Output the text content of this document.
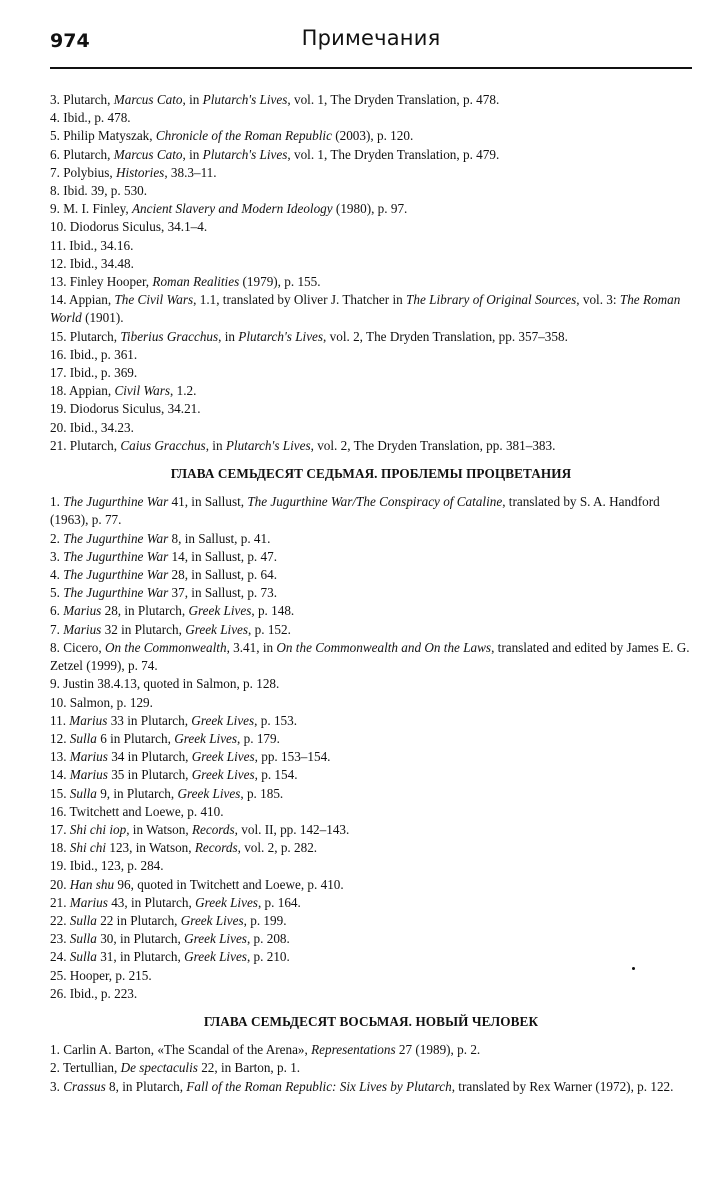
974	Примечания

3. Plutarch, Marcus Cato, in Plutarch's Lives, vol. 1, The Dryden Translation, p. 478.

4. Ibid., p. 478.

5. Philip Matyszak, Chronicle of the Roman Republic (2003), p. 120.

6. Plutarch, Marcus Cato, in Plutarch's Lives, vol. 1, The Dryden Translation, p. 479.

7. Polybius, Histories, 38.3–11.

8. Ibid. 39, p. 530.

9. M. I. Finley, Ancient Slavery and Modern Ideology (1980), p. 97.

10. Diodorus Siculus, 34.1–4.

11. Ibid., 34.16.

12. Ibid., 34.48.

13. Finley Hooper, Roman Realities (1979), p. 155.

14. Appian, The Civil Wars, 1.1, translated by Oliver J. Thatcher in The Library of Original Sources, vol. 3: The Roman World (1901).

15. Plutarch, Tiberius Gracchus, in Plutarch's Lives, vol. 2, The Dryden Translation, pp. 357–358.

16. Ibid., p. 361.

17. Ibid., p. 369.

18. Appian, Civil Wars, 1.2.

19. Diodorus Siculus, 34.21.

20. Ibid., 34.23.

21. Plutarch, Caius Gracchus, in Plutarch's Lives, vol. 2, The Dryden Translation, pp. 381–383.

ГЛАВА СЕМЬДЕСЯТ СЕДЬМАЯ. ПРОБЛЕМЫ ПРОЦВЕТАНИЯ

1. The Jugurthine War 41, in Sallust, The Jugurthine War/The Conspiracy of Cataline, translated by S. A. Handford (1963), p. 77.

2. The Jugurthine War 8, in Sallust, p. 41.

3. The Jugurthine War 14, in Sallust, p. 47.

4. The Jugurthine War 28, in Sallust, p. 64.

5. The Jugurthine War 37, in Sallust, p. 73.

6. Marius 28, in Plutarch, Greek Lives, p. 148.

7. Marius 32 in Plutarch, Greek Lives, p. 152.

8. Cicero, On the Commonwealth, 3.41, in On the Commonwealth and On the Laws, translated and edited by James E. G. Zetzel (1999), p. 74.

9. Justin 38.4.13, quoted in Salmon, p. 128.

10. Salmon, p. 129.

11. Marius 33 in Plutarch, Greek Lives, p. 153.

12. Sulla 6 in Plutarch, Greek Lives, p. 179.

13. Marius 34 in Plutarch, Greek Lives, pp. 153–154.

14. Marius 35 in Plutarch, Greek Lives, p. 154.

15. Sulla 9, in Plutarch, Greek Lives, p. 185.

16. Twitchett and Loewe, p. 410.

17. Shi chi iop, in Watson, Records, vol. II, pp. 142–143.

18. Shi chi 123, in Watson, Records, vol. 2, p. 282.

19. Ibid., 123, p. 284.

20. Han shu 96, quoted in Twitchett and Loewe, p. 410.

21. Marius 43, in Plutarch, Greek Lives, p. 164.

22. Sulla 22 in Plutarch, Greek Lives, p. 199.

23. Sulla 30, in Plutarch, Greek Lives, p. 208.

24. Sulla 31, in Plutarch, Greek Lives, p. 210.

25. Hooper, p. 215.

26. Ibid., p. 223.

ГЛАВА СЕМЬДЕСЯТ ВОСЬМАЯ. НОВЫЙ ЧЕЛОВЕК

1. Carlin A. Barton, «The Scandal of the Arena», Representations 27 (1989), p. 2.

2. Tertullian, De spectaculis 22, in Barton, p. 1.

3. Crassus 8, in Plutarch, Fall of the Roman Republic: Six Lives by Plutarch, translated by Rex Warner (1972), p. 122.
